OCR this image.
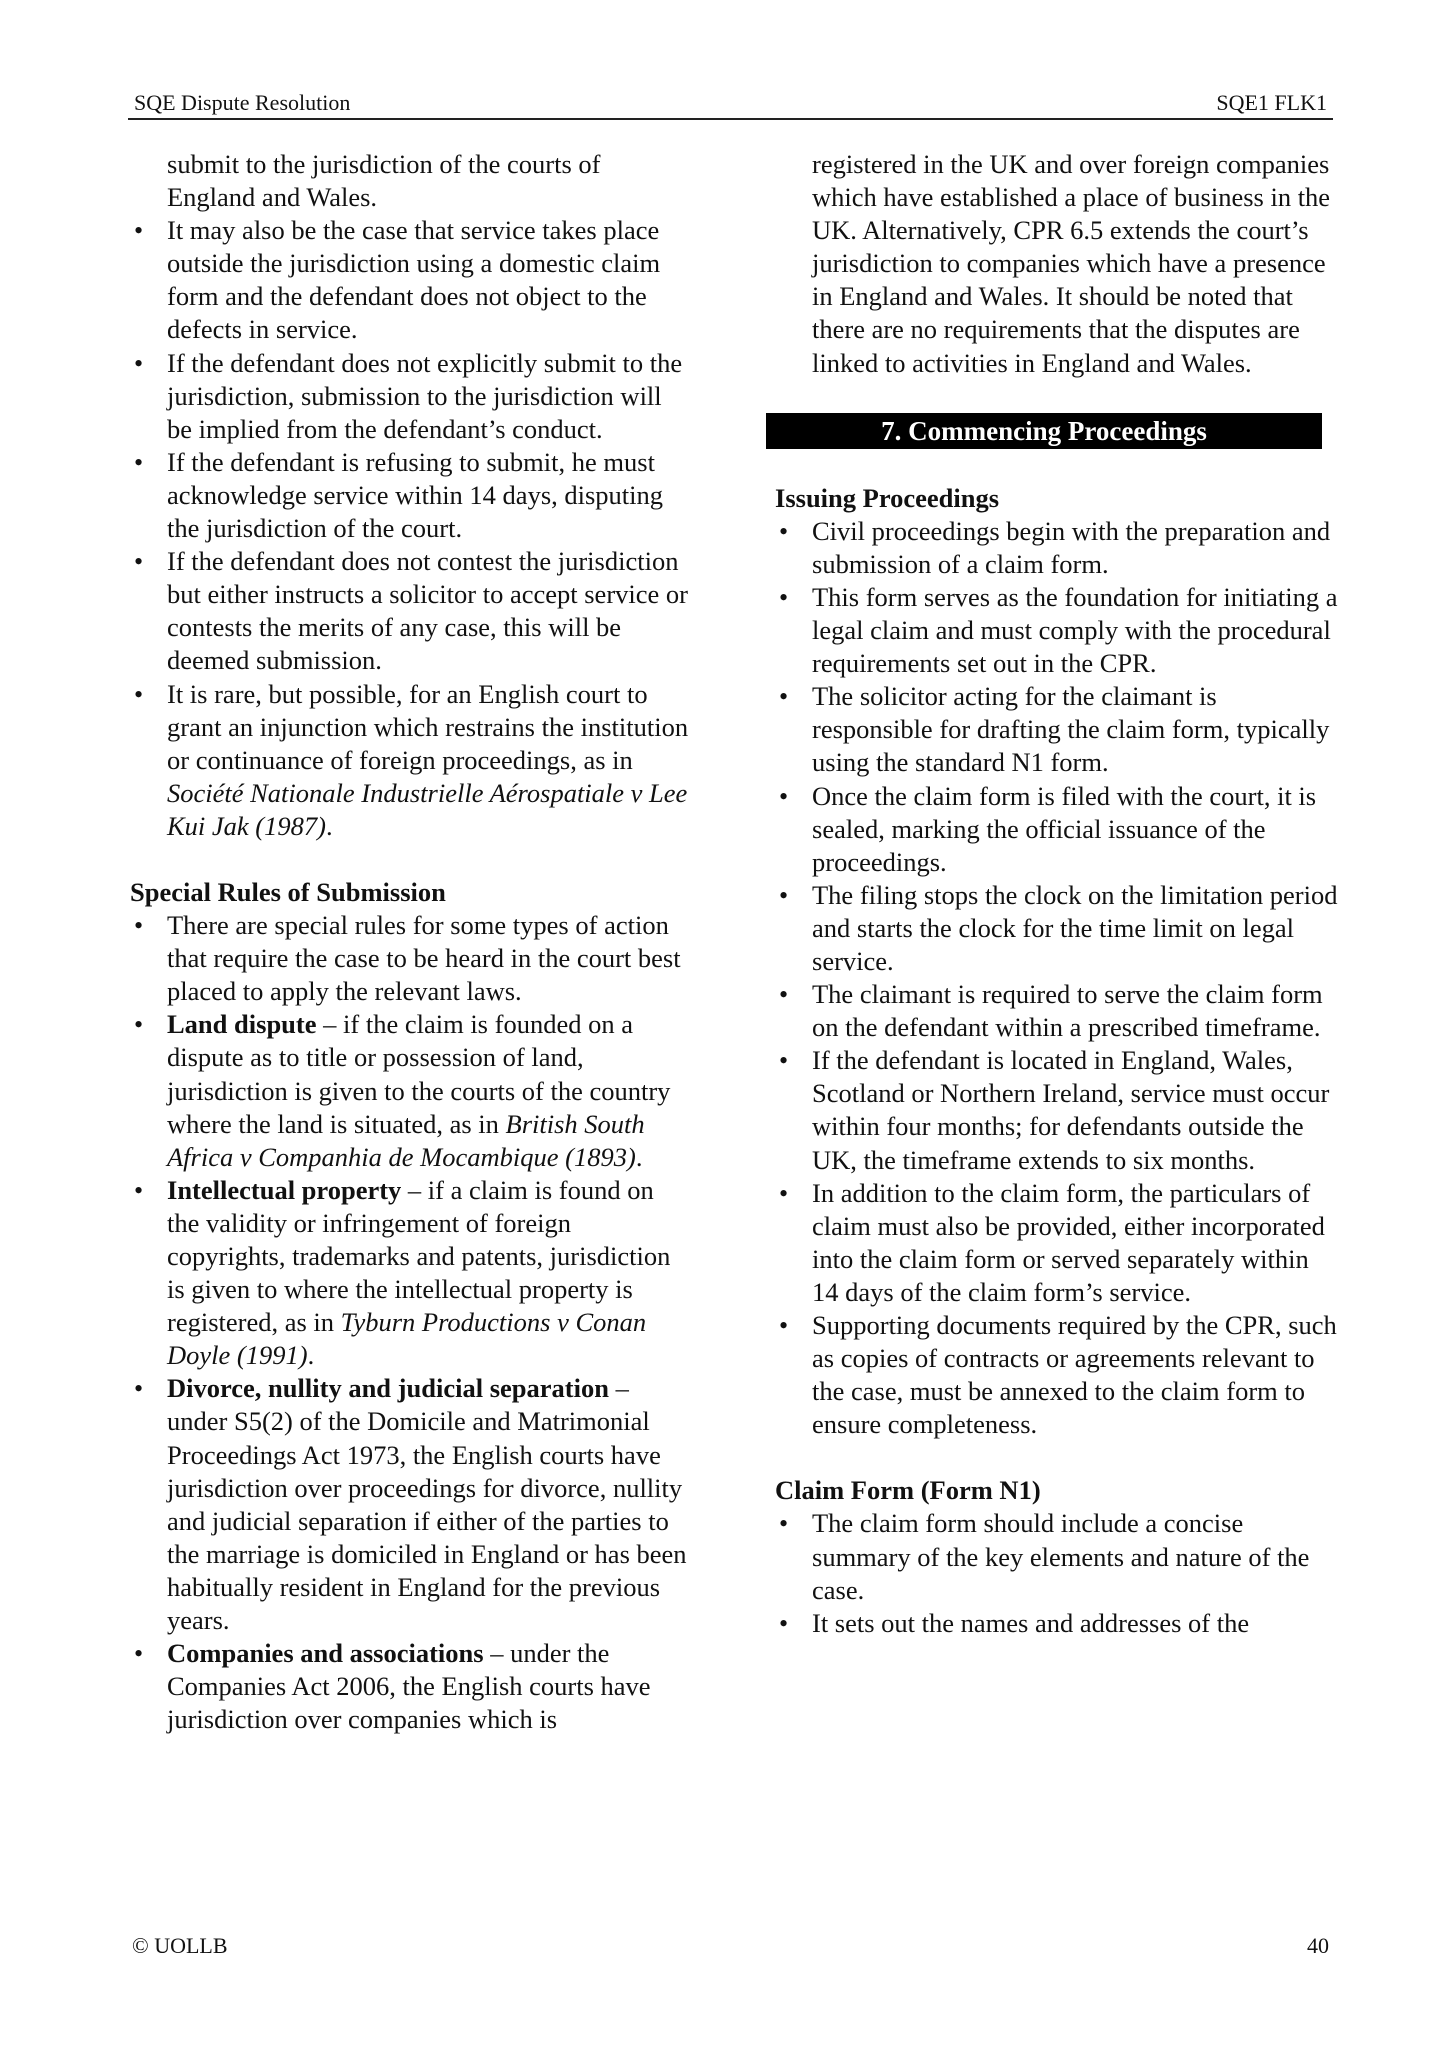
SQE Dispute Resolution	SQE1 FLK1

submit to the jurisdiction of the courts of England and Wales.

• It may also be the case that service takes place outside the jurisdiction using a domestic claim form and the defendant does not object to the defects in service.
• If the defendant does not explicitly submit to the jurisdiction, submission to the jurisdiction will be implied from the defendant’s conduct.
• If the defendant is refusing to submit, he must acknowledge service within 14 days, disputing the jurisdiction of the court.
• If the defendant does not contest the jurisdiction but either instructs a solicitor to accept service or contests the merits of any case, this will be deemed submission.
• It is rare, but possible, for an English court to grant an injunction which restrains the institution or continuance of foreign proceedings, as in Société Nationale Industrielle Aérospatiale v Lee Kui Jak (1987).

Special Rules of Submission

• There are special rules for some types of action that require the case to be heard in the court best placed to apply the relevant laws.
• Land dispute – if the claim is founded on a dispute as to title or possession of land, jurisdiction is given to the courts of the country where the land is situated, as in British South Africa v Companhia de Mocambique (1893).
• Intellectual property – if a claim is found on the validity or infringement of foreign copyrights, trademarks and patents, jurisdiction is given to where the intellectual property is registered, as in Tyburn Productions v Conan Doyle (1991).
• Divorce, nullity and judicial separation – under S5(2) of the Domicile and Matrimonial Proceedings Act 1973, the English courts have jurisdiction over proceedings for divorce, nullity and judicial separation if either of the parties to the marriage is domiciled in England or has been habitually resident in England for the previous years.
• Companies and associations – under the Companies Act 2006, the English courts have jurisdiction over companies which is

registered in the UK and over foreign companies which have established a place of business in the UK. Alternatively, CPR 6.5 extends the court’s jurisdiction to companies which have a presence in England and Wales. It should be noted that there are no requirements that the disputes are linked to activities in England and Wales.

7. Commencing Proceedings

Issuing Proceedings

• Civil proceedings begin with the preparation and submission of a claim form.
• This form serves as the foundation for initiating a legal claim and must comply with the procedural requirements set out in the CPR.
• The solicitor acting for the claimant is responsible for drafting the claim form, typically using the standard N1 form.
• Once the claim form is filed with the court, it is sealed, marking the official issuance of the proceedings.
• The filing stops the clock on the limitation period and starts the clock for the time limit on legal service.
• The claimant is required to serve the claim form on the defendant within a prescribed timeframe.
• If the defendant is located in England, Wales, Scotland or Northern Ireland, service must occur within four months; for defendants outside the UK, the timeframe extends to six months.
• In addition to the claim form, the particulars of claim must also be provided, either incorporated into the claim form or served separately within 14 days of the claim form’s service.
• Supporting documents required by the CPR, such as copies of contracts or agreements relevant to the case, must be annexed to the claim form to ensure completeness.

Claim Form (Form N1)

• The claim form should include a concise summary of the key elements and nature of the case.
• It sets out the names and addresses of the
© UOLLB	40
